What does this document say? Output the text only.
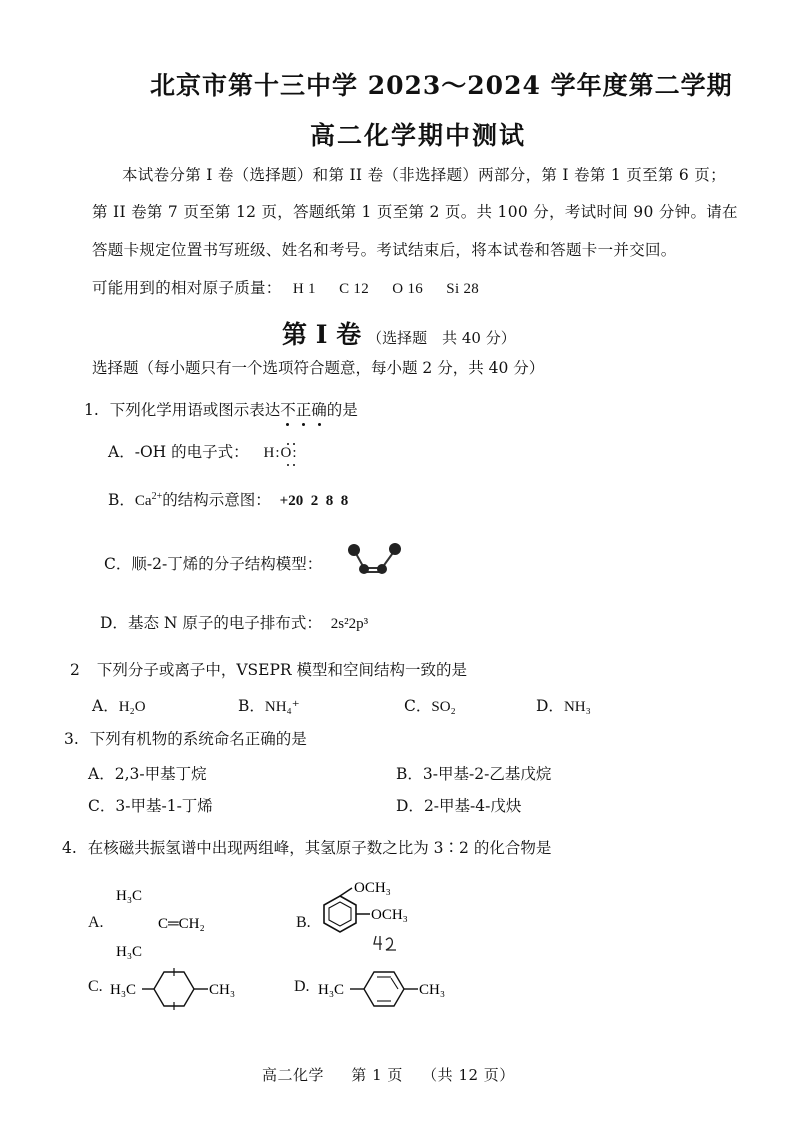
北京市第十三中学 2023～2024 学年度第二学期
高二化学期中测试
本试卷分第 I 卷（选择题）和第 II 卷（非选择题）两部分，第 I 卷第 1 页至第 6 页；
第 II 卷第 7 页至第 12 页，答题纸第 1 页至第 2 页。共 100 分，考试时间 90 分钟。请在
答题卡规定位置书写班级、姓名和考号。考试结束后，将本试卷和答题卡一并交回。
可能用到的相对原子质量： H 1 C 12 O 16 Si 28
第 I 卷 （选择题　共 40 分）
选择题（每小题只有一个选项符合题意，每小题 2 分，共 40 分）
1. 下列化学用语或图示表达不正确
的是
A．-OH 的电子式： H:O:
B．$Ca^{2+}$的结构示意图： +20  2  8  8
C．顺-2-丁烯的分子结构模型：
D．基态 N 原子的电子排布式： 2s²2p³
2 下列分子或离子中，VSEPR 模型和空间结构一致的是
A．H₂O	B．NH₄⁺	C．SO₂	D．NH₃
3. 下列有机物的系统命名正确的是
A．2,3-甲基丁烷	B．3-甲基-2-乙基戊烷
C．3-甲基-1-丁烯	D．2-甲基-4-戊炔
4. 在核磁共振氢谱中出现两组峰，其氢原子数之比为 3∶2 的化合物是
A.
H₃C
H₃C
C═CH₂	B.
OCH₃
OCH₃
C. H₃C	CH₃	D. H₃C	CH₃
高二化学 第 1 页 （共 12 页）
